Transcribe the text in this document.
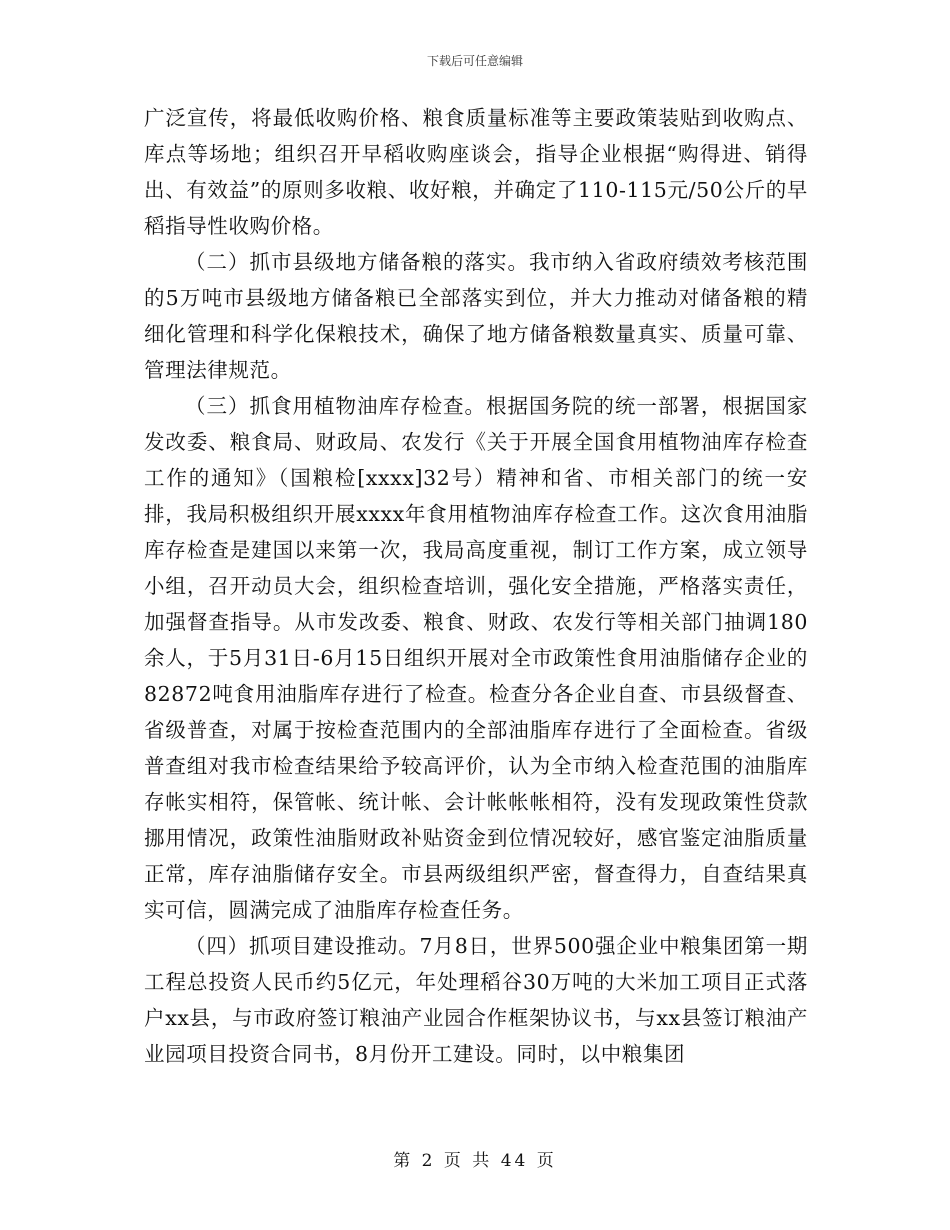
下载后可任意编辑

广泛宣传，将最低收购价格、粮食质量标准等主要政策装贴到收购点、库点等场地；组织召开早稻收购座谈会，指导企业根据“购得进、销得出、有效益”的原则多收粮、收好粮，并确定了110-115元/50公斤的早稻指导性收购价格。

（二）抓市县级地方储备粮的落实。我市纳入省政府绩效考核范围的5万吨市县级地方储备粮已全部落实到位，并大力推动对储备粮的精细化管理和科学化保粮技术，确保了地方储备粮数量真实、质量可靠、管理法律规范。

（三）抓食用植物油库存检查。根据国务院的统一部署，根据国家发改委、粮食局、财政局、农发行《关于开展全国食用植物油库存检查工作的通知》（国粮检[xxxx]32号）精神和省、市相关部门的统一安排，我局积极组织开展xxxx年食用植物油库存检查工作。这次食用油脂库存检查是建国以来第一次，我局高度重视，制订工作方案，成立领导小组，召开动员大会，组织检查培训，强化安全措施，严格落实责任，加强督查指导。从市发改委、粮食、财政、农发行等相关部门抽调180余人，于5月31日-6月15日组织开展对全市政策性食用油脂储存企业的82872吨食用油脂库存进行了检查。检查分各企业自查、市县级督查、省级普查，对属于按检查范围内的全部油脂库存进行了全面检查。省级普查组对我市检查结果给予较高评价，认为全市纳入检查范围的油脂库存帐实相符，保管帐、统计帐、会计帐帐帐相符，没有发现政策性贷款挪用情况，政策性油脂财政补贴资金到位情况较好，感官鉴定油脂质量正常，库存油脂储存安全。市县两级组织严密，督查得力，自查结果真实可信，圆满完成了油脂库存检查任务。

（四）抓项目建设推动。7月8日，世界500强企业中粮集团第一期工程总投资人民币约5亿元，年处理稻谷30万吨的大米加工项目正式落户xx县，与市政府签订粮油产业园合作框架协议书，与xx县签订粮油产业园项目投资合同书，8月份开工建设。同时，以中粮集团

第 2 页 共 44 页
